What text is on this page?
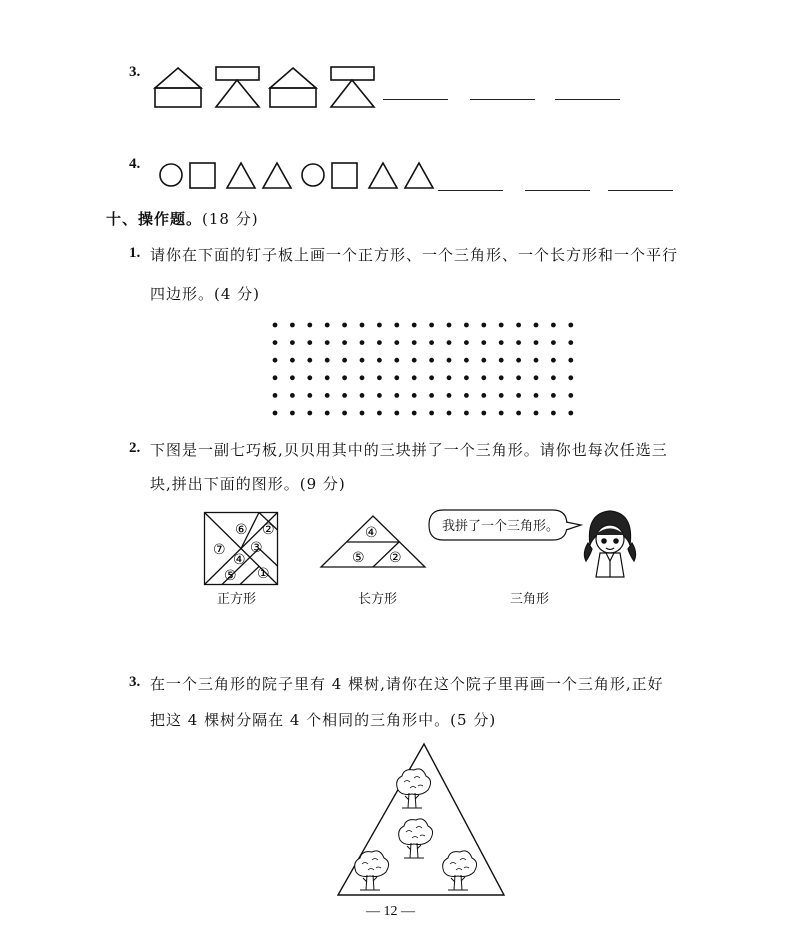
3.
4.
十、操作题。(18 分)
1. 请你在下面的钉子板上画一个正方形、一个三角形、一个长方形和一个平行
四边形。(4 分)
2. 下图是一副七巧板,贝贝用其中的三块拼了一个三角形。请你也每次任选三
块,拼出下面的图形。(9 分)
⑥ ②
⑦ ③
④
⑤ ①
④
⑤ ②
我拼了一个三角形。
正方形	长方形	三角形
3. 在一个三角形的院子里有 4 棵树,请你在这个院子里再画一个三角形,正好
把这 4 棵树分隔在 4 个相同的三角形中。(5 分)
— 12 —
